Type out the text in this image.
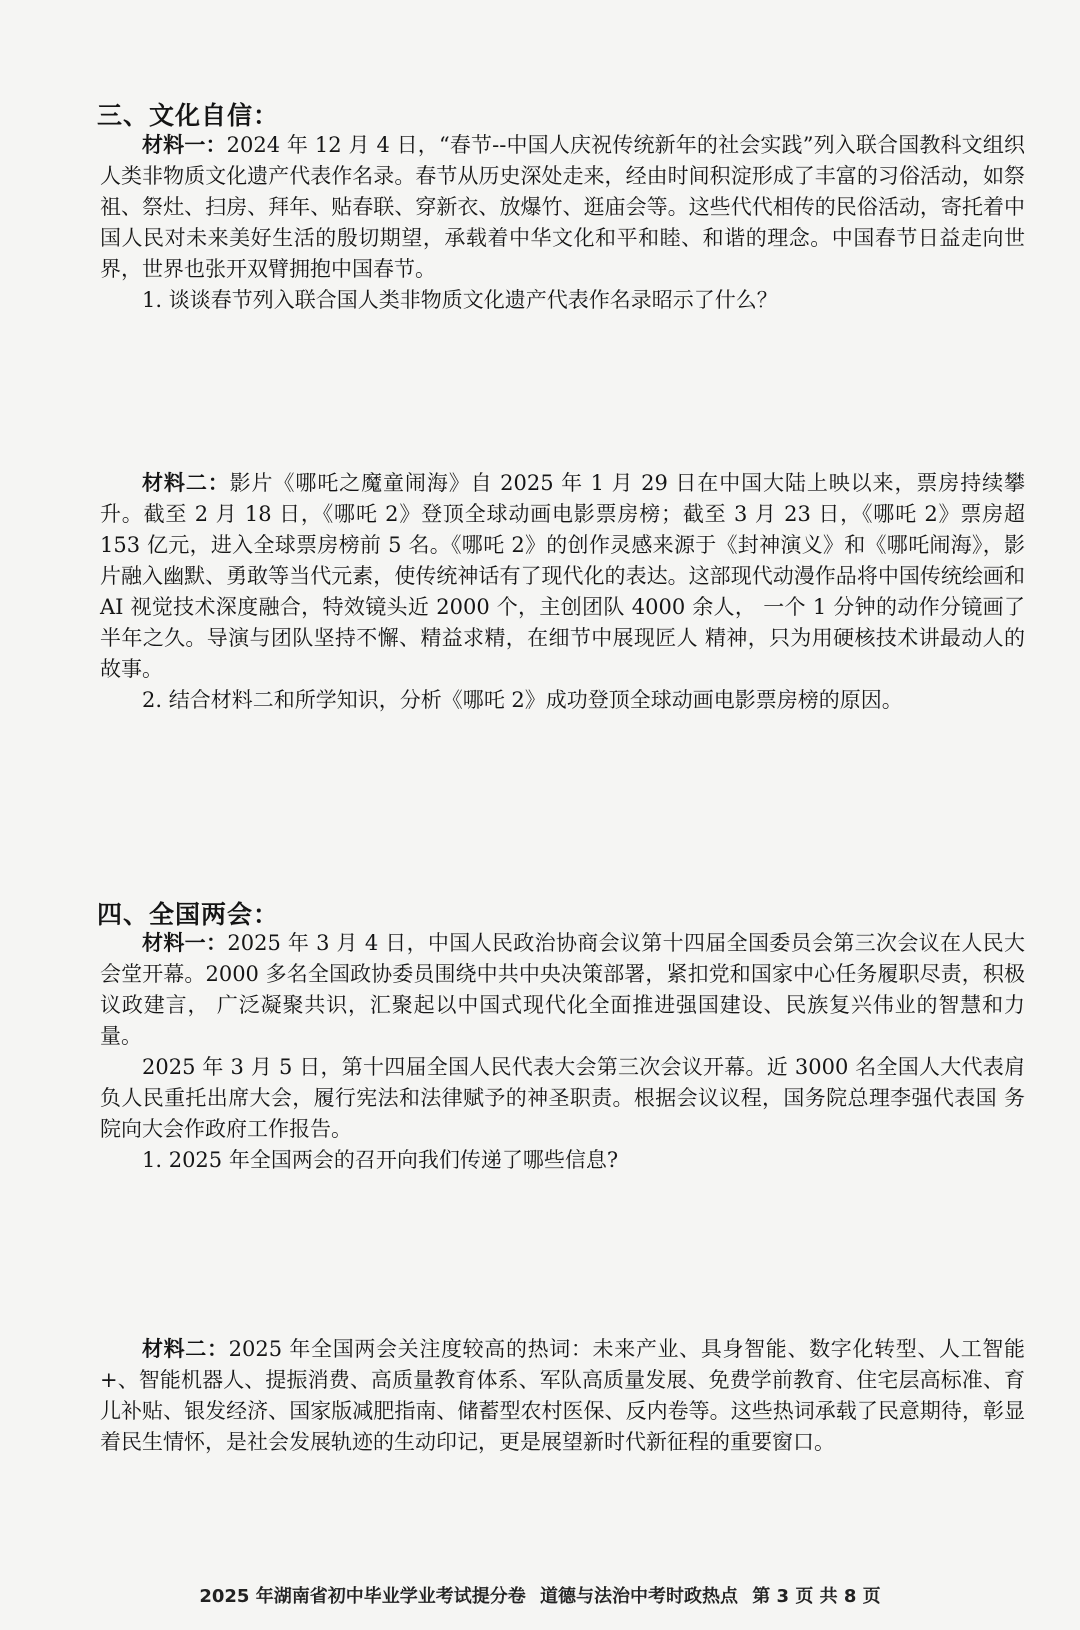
三、文化自信：

材料一：2024 年 12 月 4 日，“春节--中国人庆祝传统新年的社会实践”列入联合国教科文组织人类非物质文化遗产代表作名录。春节从历史深处走来，经由时间积淀形成了丰富的习俗活动，如祭祖、祭灶、扫房、拜年、贴春联、穿新衣、放爆竹、逛庙会等。这些代代相传的民俗活动，寄托着中国人民对未来美好生活的殷切期望，承载着中华文化和平和睦、和谐的理念。中国春节日益走向世界，世界也张开双臂拥抱中国春节。

1. 谈谈春节列入联合国人类非物质文化遗产代表作名录昭示了什么？

材料二：影片《哪吒之魔童闹海》自 2025 年 1 月 29 日在中国大陆上映以来，票房持续攀升。截至 2 月 18 日，《哪吒 2》登顶全球动画电影票房榜；截至 3 月 23 日，《哪吒 2》票房超 153 亿元，进入全球票房榜前 5 名。《哪吒 2》的创作灵感来源于《封神演义》和《哪吒闹海》，影片融入幽默、勇敢等当代元素，使传统神话有了现代化的表达。这部现代动漫作品将中国传统绘画和 AI 视觉技术深度融合，特效镜头近 2000 个，主创团队 4000 余人， 一个 1 分钟的动作分镜画了半年之久。导演与团队坚持不懈、精益求精，在细节中展现匠人 精神，只为用硬核技术讲最动人的故事。

2. 结合材料二和所学知识，分析《哪吒 2》成功登顶全球动画电影票房榜的原因。

四、全国两会：

材料一：2025 年 3 月 4 日，中国人民政治协商会议第十四届全国委员会第三次会议在人民大会堂开幕。2000 多名全国政协委员围绕中共中央决策部署，紧扣党和国家中心任务履职尽责，积极议政建言， 广泛凝聚共识，汇聚起以中国式现代化全面推进强国建设、民族复兴伟业的智慧和力量。

2025 年 3 月 5 日，第十四届全国人民代表大会第三次会议开幕。近 3000 名全国人大代表肩负人民重托出席大会，履行宪法和法律赋予的神圣职责。根据会议议程，国务院总理李强代表国 务院向大会作政府工作报告。

1. 2025 年全国两会的召开向我们传递了哪些信息?

材料二：2025 年全国两会关注度较高的热词：未来产业、具身智能、数字化转型、人工智能+、智能机器人、提振消费、高质量教育体系、军队高质量发展、免费学前教育、住宅层高标准、育儿补贴、银发经济、国家版减肥指南、储蓄型农村医保、反内卷等。这些热词承载了民意期待，彰显着民生情怀，是社会发展轨迹的生动印记，更是展望新时代新征程的重要窗口。

2025 年湖南省初中毕业学业考试提分卷 道德与法治中考时政热点 第 3 页 共 8 页
